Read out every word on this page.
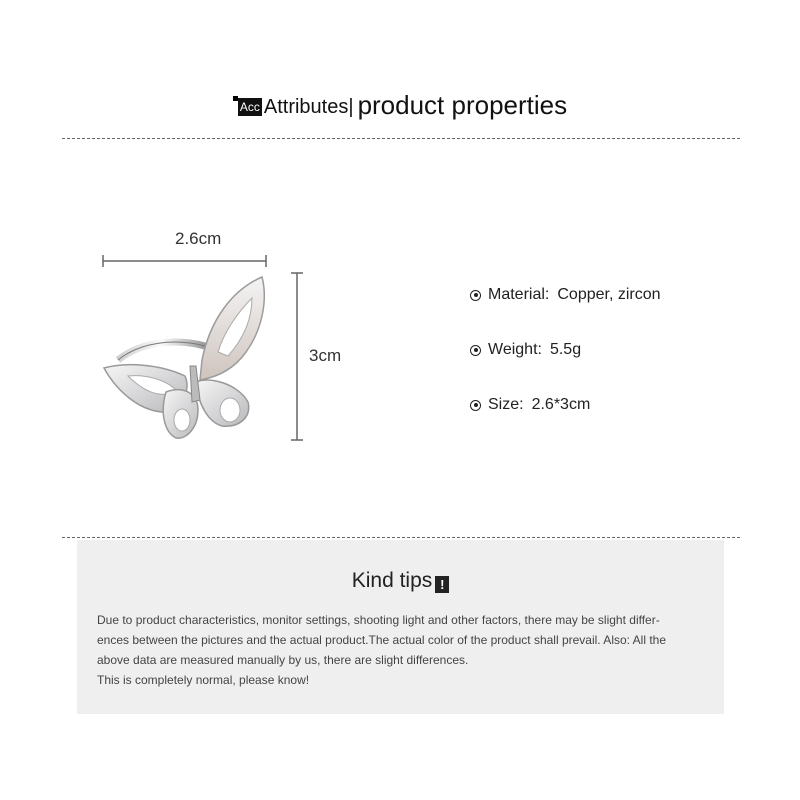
Acc Attributes | product properties
2.6cm
3cm
Material: Copper, zircon
Weight: 5.5g
Size: 2.6*3cm
Kind tips !

Due to product characteristics, monitor settings, shooting light and other factors, there may be slight differ-

ences between the pictures and the actual product.The actual color of the product shall prevail. Also: All the

above data are measured manually by us, there are slight differences.

This is completely normal, please know!
